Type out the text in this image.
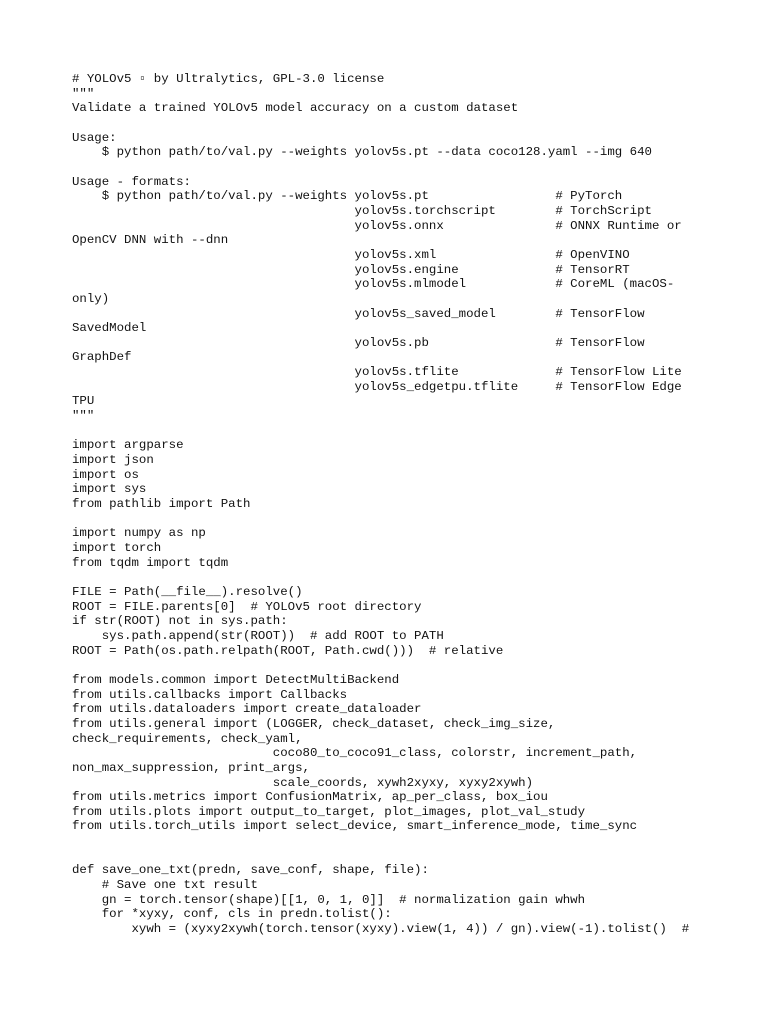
# YOLOv5 ▫ by Ultralytics, GPL-3.0 license
"""
Validate a trained YOLOv5 model accuracy on a custom dataset
Usage:
$ python path/to/val.py --weights yolov5s.pt --data coco128.yaml --img 640
Usage - formats:
$ python path/to/val.py --weights yolov5s.pt                 # PyTorch
yolov5s.torchscript        # TorchScript
yolov5s.onnx               # ONNX Runtime or
OpenCV DNN with --dnn
yolov5s.xml                # OpenVINO
yolov5s.engine             # TensorRT
yolov5s.mlmodel            # CoreML (macOS-
only)
yolov5s_saved_model        # TensorFlow
SavedModel
yolov5s.pb                 # TensorFlow
GraphDef
yolov5s.tflite             # TensorFlow Lite
yolov5s_edgetpu.tflite     # TensorFlow Edge
TPU
"""
import argparse
import json
import os
import sys
from pathlib import Path
import numpy as np
import torch
from tqdm import tqdm
FILE = Path(__file__).resolve()
ROOT = FILE.parents[0]  # YOLOv5 root directory
if str(ROOT) not in sys.path:
sys.path.append(str(ROOT))  # add ROOT to PATH
ROOT = Path(os.path.relpath(ROOT, Path.cwd()))  # relative
from models.common import DetectMultiBackend
from utils.callbacks import Callbacks
from utils.dataloaders import create_dataloader
from utils.general import (LOGGER, check_dataset, check_img_size,
check_requirements, check_yaml,
coco80_to_coco91_class, colorstr, increment_path,
non_max_suppression, print_args,
scale_coords, xywh2xyxy, xyxy2xywh)
from utils.metrics import ConfusionMatrix, ap_per_class, box_iou
from utils.plots import output_to_target, plot_images, plot_val_study
from utils.torch_utils import select_device, smart_inference_mode, time_sync
def save_one_txt(predn, save_conf, shape, file):
# Save one txt result
gn = torch.tensor(shape)[[1, 0, 1, 0]]  # normalization gain whwh
for *xyxy, conf, cls in predn.tolist():
xywh = (xyxy2xywh(torch.tensor(xyxy).view(1, 4)) / gn).view(-1).tolist()  #
